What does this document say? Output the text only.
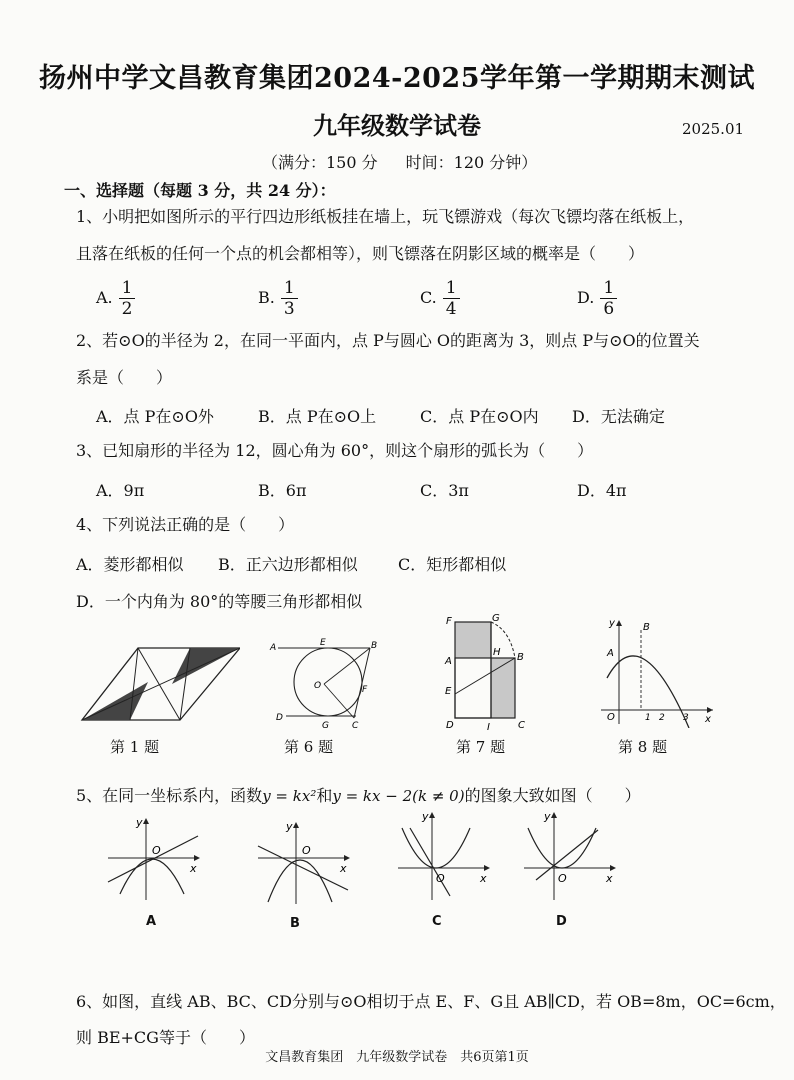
扬州中学文昌教育集团2024-2025学年第一学期期末测试
九年级数学试卷	2025.01
（满分：150 分 时间：120 分钟）
一、选择题（每题 3 分，共 24 分）：
1、小明把如图所示的平行四边形纸板挂在墙上，玩飞镖游戏（每次飞镖均落在纸板上，
且落在纸板的任何一个点的机会都相等），则飞镖落在阴影区域的概率是（　　）
A. $\frac{1}{2}$	B. $\frac{1}{3}$	C. $\frac{1}{4}$	D. $\frac{1}{6}$
2、若⊙O的半径为 2，在同一平面内，点 P与圆心 O的距离为 3，则点 P与⊙O的位置关
系是（　　）
A．点 P在⊙O外	B．点 P在⊙O上	C．点 P在⊙O内 D．无法确定
3、已知扇形的半径为 12，圆心角为 60°，则这个扇形的弧长为（　　）
A．9π	B．6π	C．3π	D．4π
4、下列说法正确的是（　　）
A．菱形都相似 B．正六边形都相似	C．矩形都相似
D．一个内角为 80°的等腰三角形都相似
A	E	B
O	F
D
G	C
F	G
A
H B
E
D	I	C
y	B
A
O	1 2 3 x
第 1 题	第 6 题	第 7 题	第 8 题
5、在同一坐标系内，函数y = kx²和y = kx − 2(k ≠ 0)的图象大致如图（　　）
y
O
x
y
O
x
y
O	x
y
O	x
A	B	C	D
6、如图，直线 AB、BC、CD分别与⊙O相切于点 E、F、G且 AB∥CD，若 OB=8m，OC=6cm，
则 BE+CG等于（　　）
文昌教育集团　九年级数学试卷　共6页第1页
